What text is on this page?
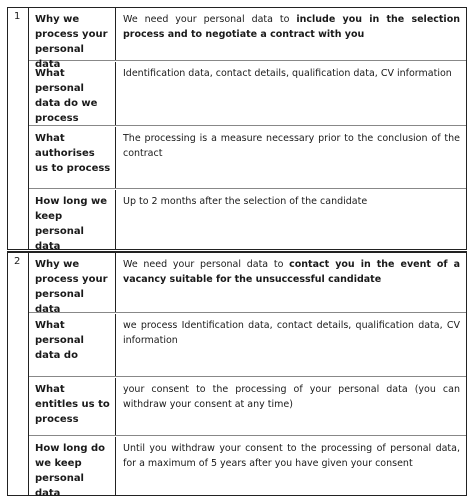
1	Why we process your personal data
We need your personal data to include you in the selection process and to negotiate a contract with you
What personal data do we process
Identification data, contact details, qualification data, CV information
What authorises us to process
The processing is a measure necessary prior to the conclusion of the contract
How long we keep personal data
Up to 2 months after the selection of the candidate
2	Why we process your personal data
We need your personal data to contact you in the event of a vacancy suitable for the unsuccessful candidate
What personal data do
we process Identification data, contact details, qualification data, CV information
What entitles us to process
your consent to the processing of your personal data (you can withdraw your consent at any time)
How long do we keep personal data
Until you withdraw your consent to the processing of personal data, for a maximum of 5 years after you have given your consent
